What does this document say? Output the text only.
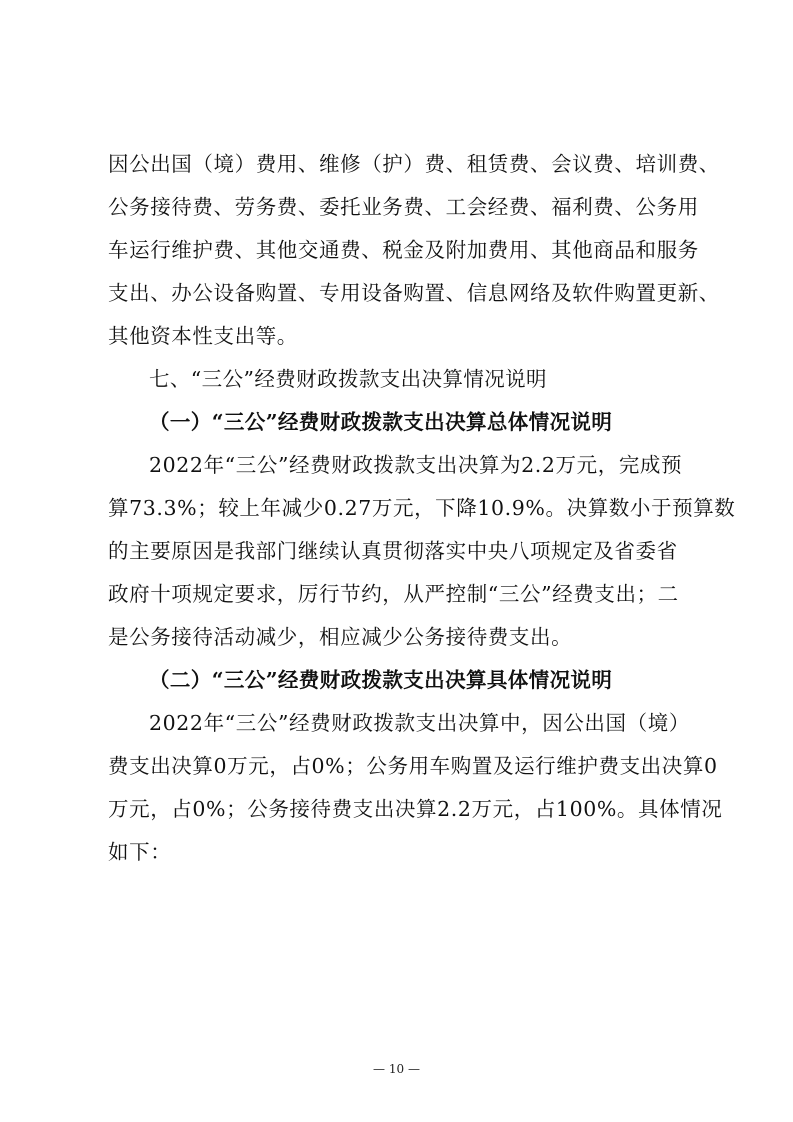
因公出国（境）费用、维修（护）费、租赁费、会议费、培训费、
公务接待费、劳务费、委托业务费、工会经费、福利费、公务用
车运行维护费、其他交通费、税金及附加费用、其他商品和服务
支出、办公设备购置、专用设备购置、信息网络及软件购置更新、
其他资本性支出等。
七、“三公”经费财政拨款支出决算情况说明
（一）“三公”经费财政拨款支出决算总体情况说明
2022年“三公”经费财政拨款支出决算为2.2万元，完成预
算73.3%；较上年减少0.27万元，下降10.9%。决算数小于预算数
的主要原因是我部门继续认真贯彻落实中央八项规定及省委省
政府十项规定要求，厉行节约，从严控制“三公”经费支出；二
是公务接待活动减少，相应减少公务接待费支出。
（二）“三公”经费财政拨款支出决算具体情况说明
2022年“三公”经费财政拨款支出决算中，因公出国（境）
费支出决算0万元，占0%；公务用车购置及运行维护费支出决算0
万元，占0%；公务接待费支出决算2.2万元，占100%。具体情况
如下：
— 10 —
